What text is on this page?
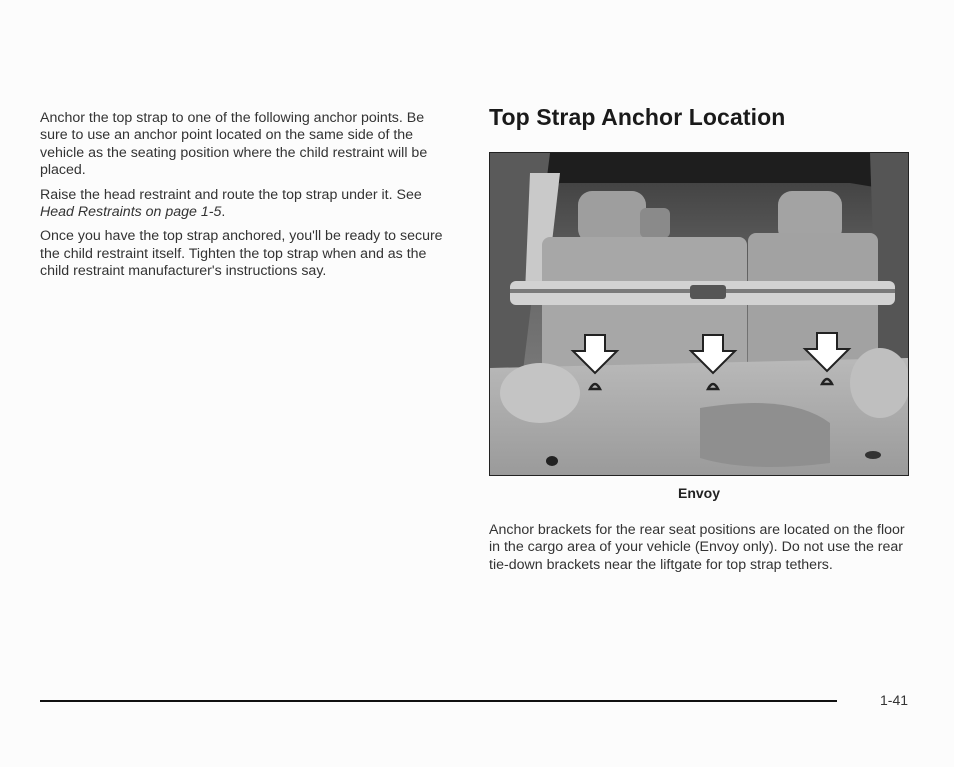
Anchor the top strap to one of the following anchor points. Be sure to use an anchor point located on the same side of the vehicle as the seating position where the child restraint will be placed.

Raise the head restraint and route the top strap under it. See Head Restraints on page 1-5.

Once you have the top strap anchored, you'll be ready to secure the child restraint itself. Tighten the top strap when and as the child restraint manufacturer's instructions say.

Top Strap Anchor Location
Envoy

Anchor brackets for the rear seat positions are located on the floor in the cargo area of your vehicle (Envoy only). Do not use the rear tie-down brackets near the liftgate for top strap tethers.

1-41
